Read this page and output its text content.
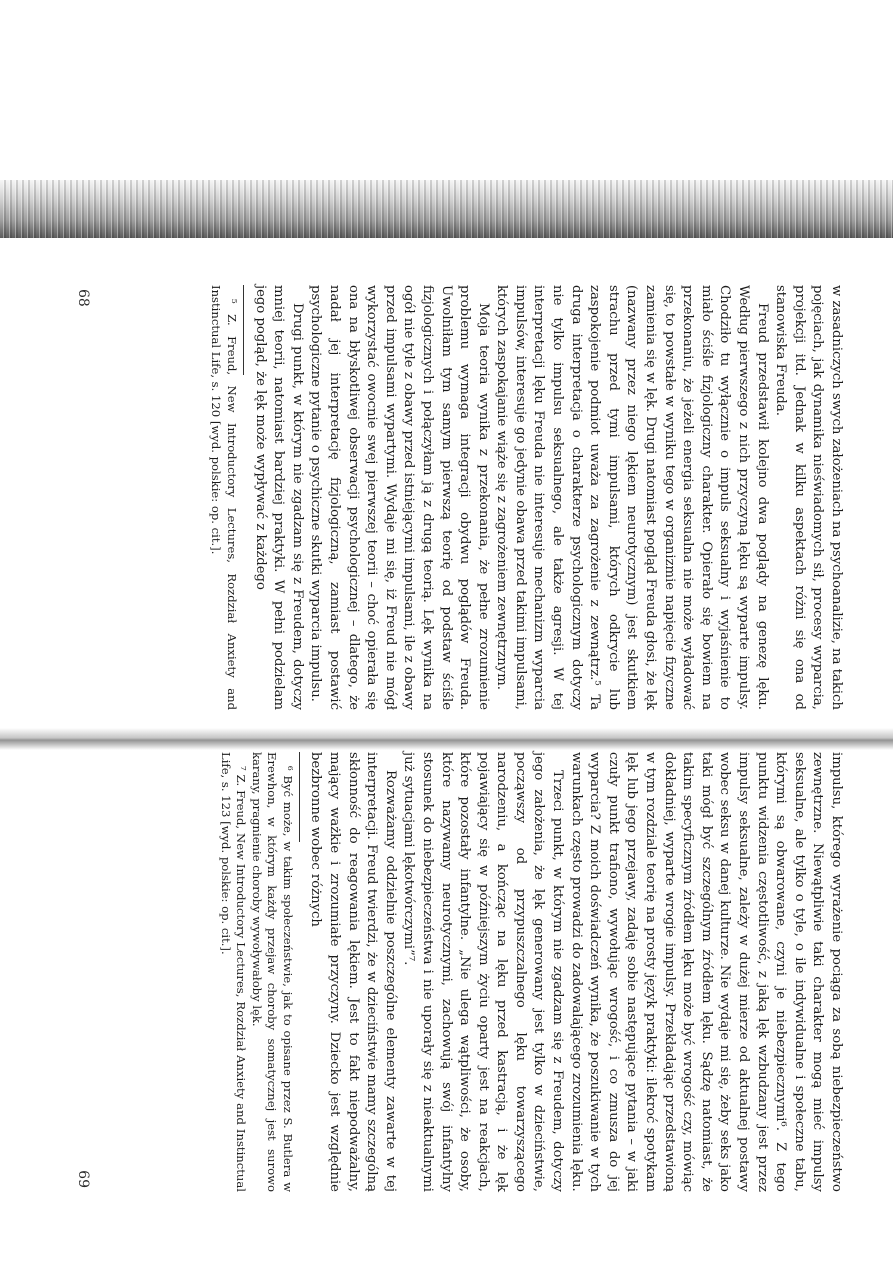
w zasadniczych swych założeniach na psychoanalizie, na takich pojęciach, jak dynamika nieświadomych sił, procesy wyparcia, projekcji itd. Jednak w kilku aspektach różni się ona od stanowiska Freuda.

Freud przedstawił kolejno dwa poglądy na genezę lęku. Według pierwszego z nich przyczyną lęku są wyparte impulsy. Chodziło tu wyłącznie o impuls seksualny i wyjaśnienie to miało ściśle fizjologiczny charakter. Opierało się bowiem na przekonaniu, że jeżeli energia seksualna nie może wyładować się, to powstałe w wyniku tego w organizmie napięcie fizyczne zamienia się w lęk. Drugi natomiast pogląd Freuda głosi, że lęk (nazwany przez niego lękiem neurotycznym) jest skutkiem strachu przed tymi impulsami, których odkrycie lub zaspokojenie podmiot uważa za zagrożenie z zewnątrz.⁵ Ta druga interpretacja o charakterze psychologicznym dotyczy nie tylko impulsu seksualnego, ale także agresji. W tej interpretacji lęku Freuda nie interesuje mechanizm wyparcia impulsów, interesuje go jedynie obawa przed takimi impulsami, których zaspokajanie wiąże się z zagrożeniem zewnętrznym.

Moja teoria wynika z przekonania, że pełne zrozumienie problemu wymaga integracji obydwu poglądów Freuda. Uwolniłam tym samym pierwszą teorię od podstaw ściśle fizjologicznych i połączyłam ją z drugą teorią. Lęk wynika na ogół nie tyle z obawy przed istniejącymi impulsami, ile z obawy przed impulsami wypartymi. Wydaje mi się, iż Freud nie mógł wykorzystać owocnie swej pierwszej teorii – choć opierała się ona na błyskotliwej obserwacji psychologicznej – dlatego, że nadał jej interpretację fizjologiczną, zamiast postawić psychologiczne pytanie o psychiczne skutki wyparcia impulsu.

Drugi punkt, w którym nie zgadzam się z Freudem, dotyczy mniej teorii, natomiast bardziej praktyki. W pełni podzielam jego pogląd, że lęk może wypływać z każdego

⁵ Z. Freud, New Introductory Lectures, Rozdział Anxiety and Instinctual Life, s. 120 [wyd. polskie: op. cit.].

68

impulsu, którego wyrażenie pociąga za sobą niebezpieczeństwo zewnętrzne. Niewątpliwie taki charakter mogą mieć impulsy seksualne, ale tylko o tyle, o ile indywidualne i społeczne tabu, którymi są obwarowane, czyni je niebezpiecznymi⁶. Z tego punktu widzenia częstotliwość, z jaką lęk wzbudzany jest przez impulsy seksualne, zależy w dużej mierze od aktualnej postawy wobec seksu w danej kulturze. Nie wydaje mi się, żeby seks jako taki mógł być szczególnym źródłem lęku. Sądzę natomiast, że takim specyficznym źródłem lęku może być wrogość czy, mówiąc dokładniej, wyparte wrogie impulsy. Przekładając przedstawioną w tym rozdziale teorię na prosty język praktyki: ilekroć spotykam lęk lub jego przejawy, zadaję sobie następujące pytania – w jaki czuły punkt trafiono, wywołując wrogość, i co zmusza do jej wyparcia? Z moich doświadczeń wynika, że poszukiwanie w tych warunkach często prowadzi do zadowalającego zrozumienia lęku.

Trzeci punkt, w którym nie zgadzam się z Freudem, dotyczy jego założenia, że lęk generowany jest tylko w dzieciństwie, począwszy od przypuszczalnego lęku towarzyszącego narodzeniu, a kończąc na lęku przed kastracją, i że lęk pojawiający się w późniejszym życiu oparty jest na reakcjach, które pozostały infantylne. „Nie ulega wątpliwości, że osoby, które nazywamy neurotycznymi, zachowują swój infantylny stosunek do niebezpieczeństwa i nie uporały się z nieaktualnymi już sytuacjami lękotwórczymi”⁷.

Rozważamy oddzielnie poszczególne elementy zawarte w tej interpretacji. Freud twierdzi, że w dzieciństwie mamy szczególną skłonność do reagowania lękiem. Jest to fakt niepodważalny, mający ważkie i zrozumiałe przyczyny. Dziecko jest względnie bezbronne wobec różnych

⁶ Być może, w takim społeczeństwie, jak to opisane przez S. Butlera w Erewhon, w którym każdy przejaw choroby somatycznej jest surowo karany, pragnienie choroby wywoływałoby lęk.

⁷ Z. Freud, New Introductory Lectures, Rozdział Anxiety and Instinctual Life, s. 123 [wyd. polskie: op. cit.].

69
